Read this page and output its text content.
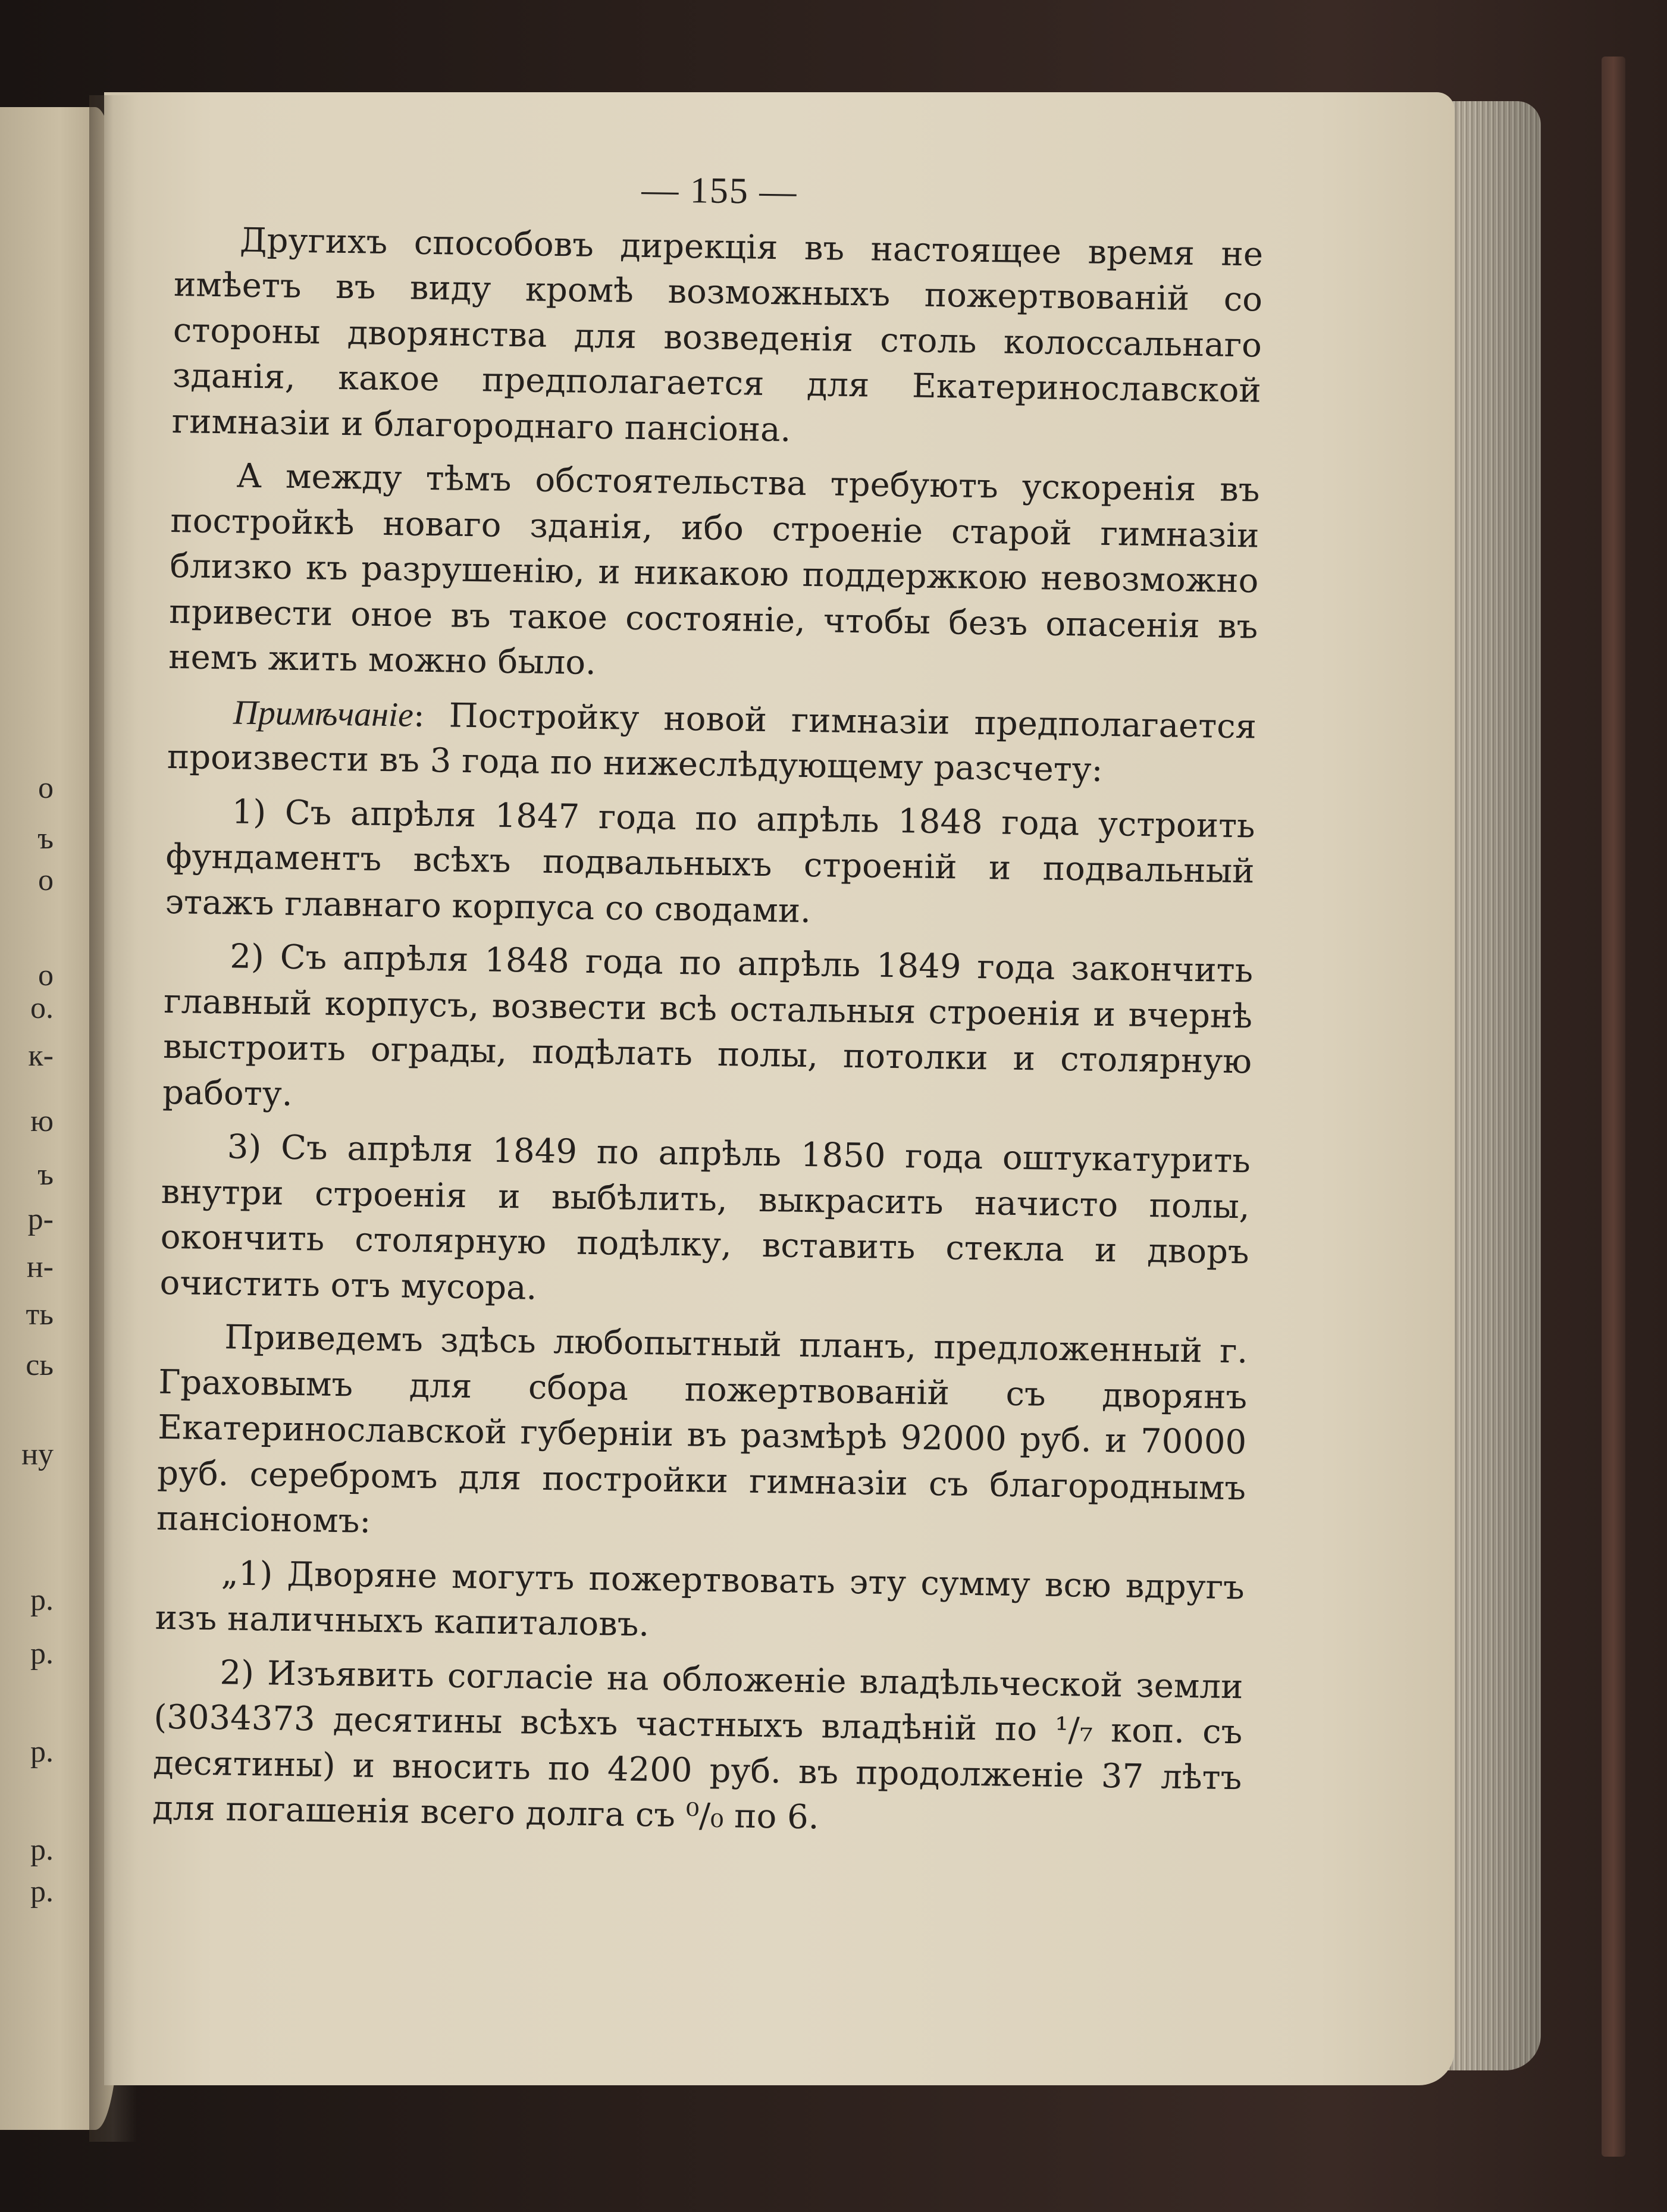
о
ъ
о
о
о.
к-
ю
ъ
р-
н-
ть
сь
ну
р.
р.
р.
р.
р.
— 155 —

Другихъ способовъ дирекція въ настоящее время не имѣетъ въ виду кромѣ возможныхъ пожертвованій со стороны дворянства для возведенія столь колоссальнаго зданія, какое предполагается для Екатеринославской гимназіи и благороднаго пансіона.

А между тѣмъ обстоятельства требуютъ ускоренія въ постройкѣ новаго зданія, ибо строеніе старой гимназіи близко къ разрушенію, и никакою поддержкою невозможно привести оное въ такое состояніе, чтобы безъ опасенія въ немъ жить можно было.

Примѣчаніе: Постройку новой гимназіи предполагается произвести въ 3 года по нижеслѣдующему разсчету:

1) Съ апрѣля 1847 года по апрѣль 1848 года устроить фундаментъ всѣхъ подвальныхъ строеній и подвальный этажъ главнаго корпуса со сводами.

2) Съ апрѣля 1848 года по апрѣль 1849 года закончить главный корпусъ, возвести всѣ остальныя строенія и вчернѣ выстроить ограды, подѣлать полы, потолки и столярную работу.

3) Съ апрѣля 1849 по апрѣль 1850 года оштукатурить внутри строенія и выбѣлить, выкрасить начисто полы, окончить столярную подѣлку, вставить стекла и дворъ очистить отъ мусора.

Приведемъ здѣсь любопытный планъ, предложенный г. Граховымъ для сбора пожертвованій съ дворянъ Екатеринославской губерніи въ размѣрѣ 92000 руб. и 70000 руб. серебромъ для постройки гимназіи съ благороднымъ пансіономъ:

„1) Дворяне могутъ пожертвовать эту сумму всю вдругъ изъ наличныхъ капиталовъ.

2) Изъявить согласіе на обложеніе владѣльческой земли (3034373 десятины всѣхъ частныхъ владѣній по ¹/₇ коп. съ десятины) и вносить по 4200 руб. въ продолженіе 37 лѣтъ для погашенія всего долга съ ⁰/₀ по 6.
